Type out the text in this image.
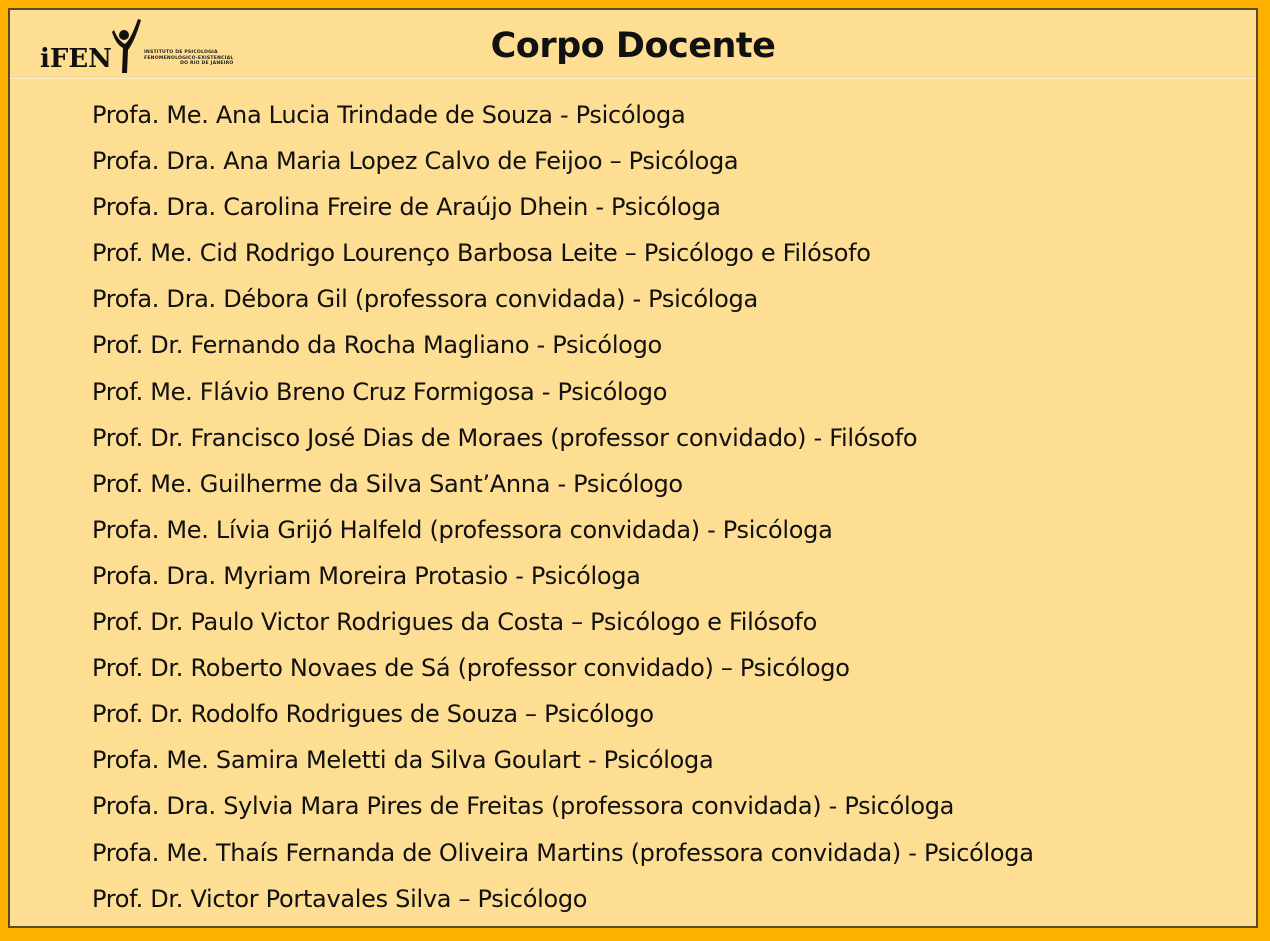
iFEN	INSTITUTO DE PSICOLOGIA
FENOMENOLÓGICO-EXISTENCIAL
DO RIO DE JANEIRO	Corpo Docente
Profa. Me. Ana Lucia Trindade de Souza - Psicóloga
Profa. Dra. Ana Maria Lopez Calvo de Feijoo – Psicóloga
Profa. Dra. Carolina Freire de Araújo Dhein - Psicóloga
Prof. Me. Cid Rodrigo Lourenço Barbosa Leite – Psicólogo e Filósofo
Profa. Dra. Débora Gil (professora convidada) - Psicóloga
Prof. Dr. Fernando da Rocha Magliano - Psicólogo
Prof. Me. Flávio Breno Cruz Formigosa - Psicólogo
Prof. Dr. Francisco José Dias de Moraes (professor convidado) - Filósofo
Prof. Me. Guilherme da Silva Sant’Anna - Psicólogo
Profa. Me. Lívia Grijó Halfeld (professora convidada) - Psicóloga
Profa. Dra. Myriam Moreira Protasio - Psicóloga
Prof. Dr. Paulo Victor Rodrigues da Costa – Psicólogo e Filósofo
Prof. Dr. Roberto Novaes de Sá (professor convidado) – Psicólogo
Prof. Dr. Rodolfo Rodrigues de Souza – Psicólogo
Profa. Me. Samira Meletti da Silva Goulart - Psicóloga
Profa. Dra. Sylvia Mara Pires de Freitas (professora convidada) - Psicóloga
Profa. Me. Thaís Fernanda de Oliveira Martins (professora convidada) - Psicóloga
Prof. Dr. Victor Portavales Silva – Psicólogo
